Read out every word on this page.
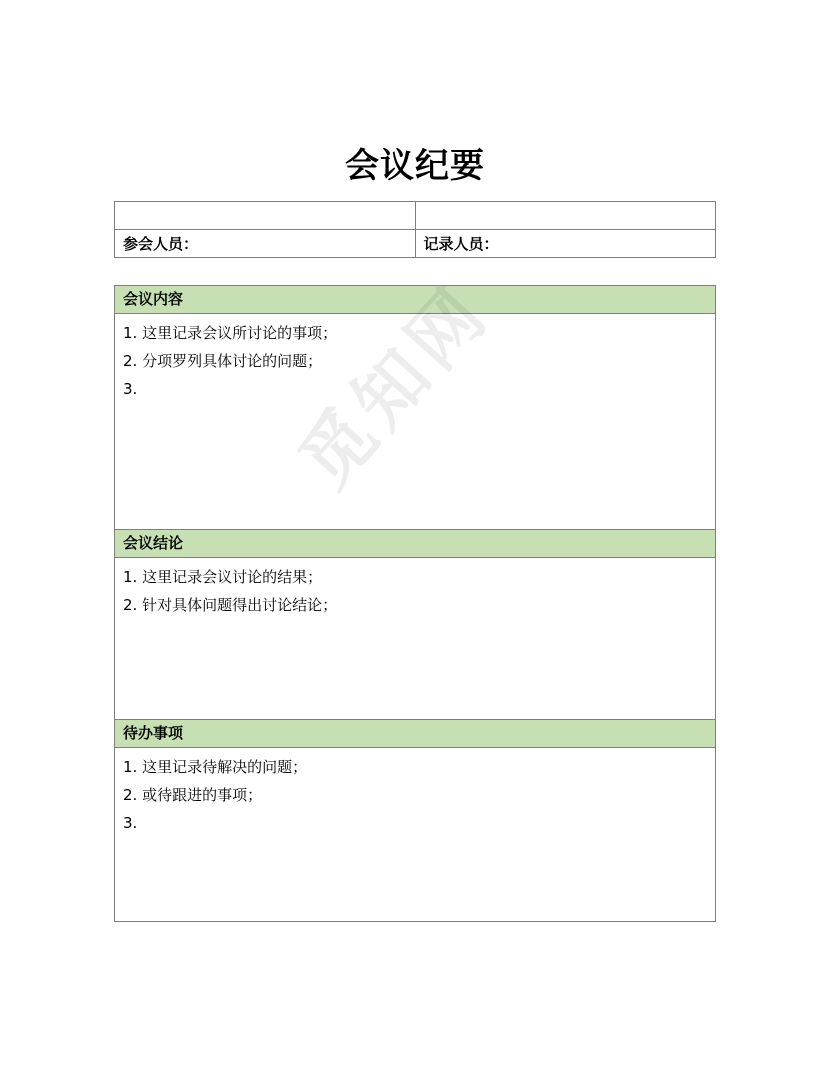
会议纪要

参会人员：	记录人员：
会议内容
1. 这里记录会议所讨论的事项；
2. 分项罗列具体讨论的问题；
3.
会议结论
1. 这里记录会议讨论的结果；
2. 针对具体问题得出讨论结论；
待办事项
1. 这里记录待解决的问题；
2. 或待跟进的事项；
3.
觅知网
